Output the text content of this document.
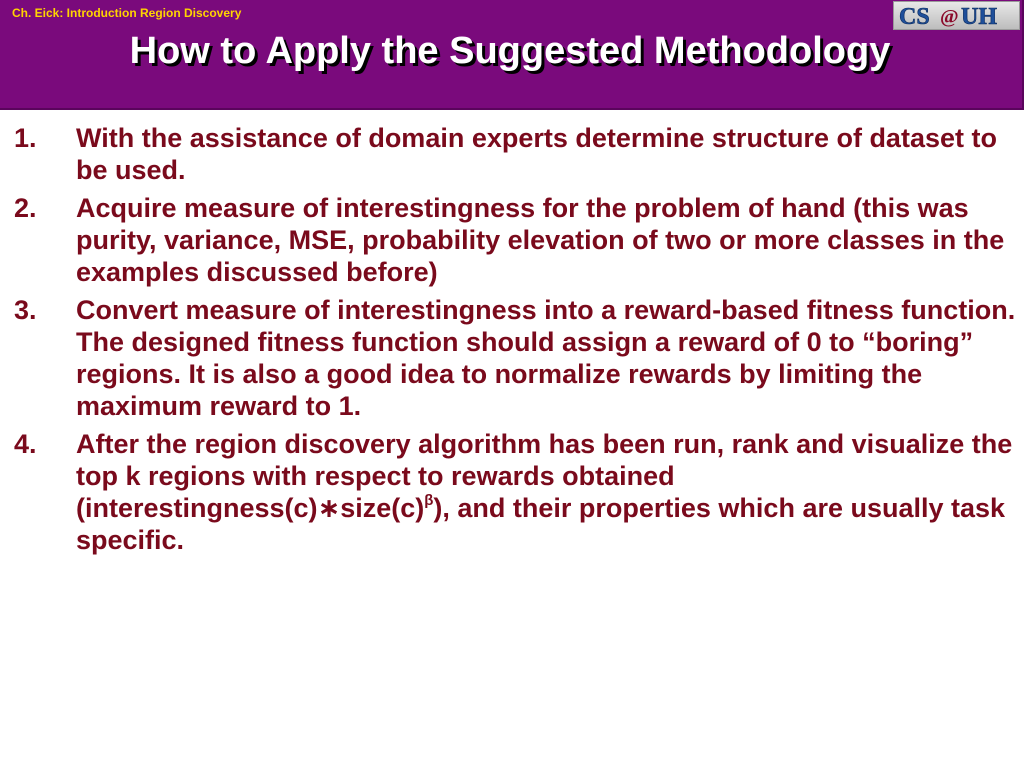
Ch. Eick: Introduction Region Discovery	CS @ UH
How to Apply the Suggested Methodology
1. With the assistance of domain experts determine structure of dataset to be used.
2. Acquire measure of interestingness for the problem of hand (this was purity, variance, MSE, probability elevation of two or more classes in the examples discussed before)
3. Convert measure of interestingness into a reward-based fitness function. The designed fitness function should assign a reward of 0 to “boring” regions. It is also a good idea to normalize rewards by limiting the maximum reward to 1.
4. After the region discovery algorithm has been run, rank and visualize the top k regions with respect to rewards obtained $(interestingness(c)∗size(c)^\beta)$, and their properties which are usually task specific.
